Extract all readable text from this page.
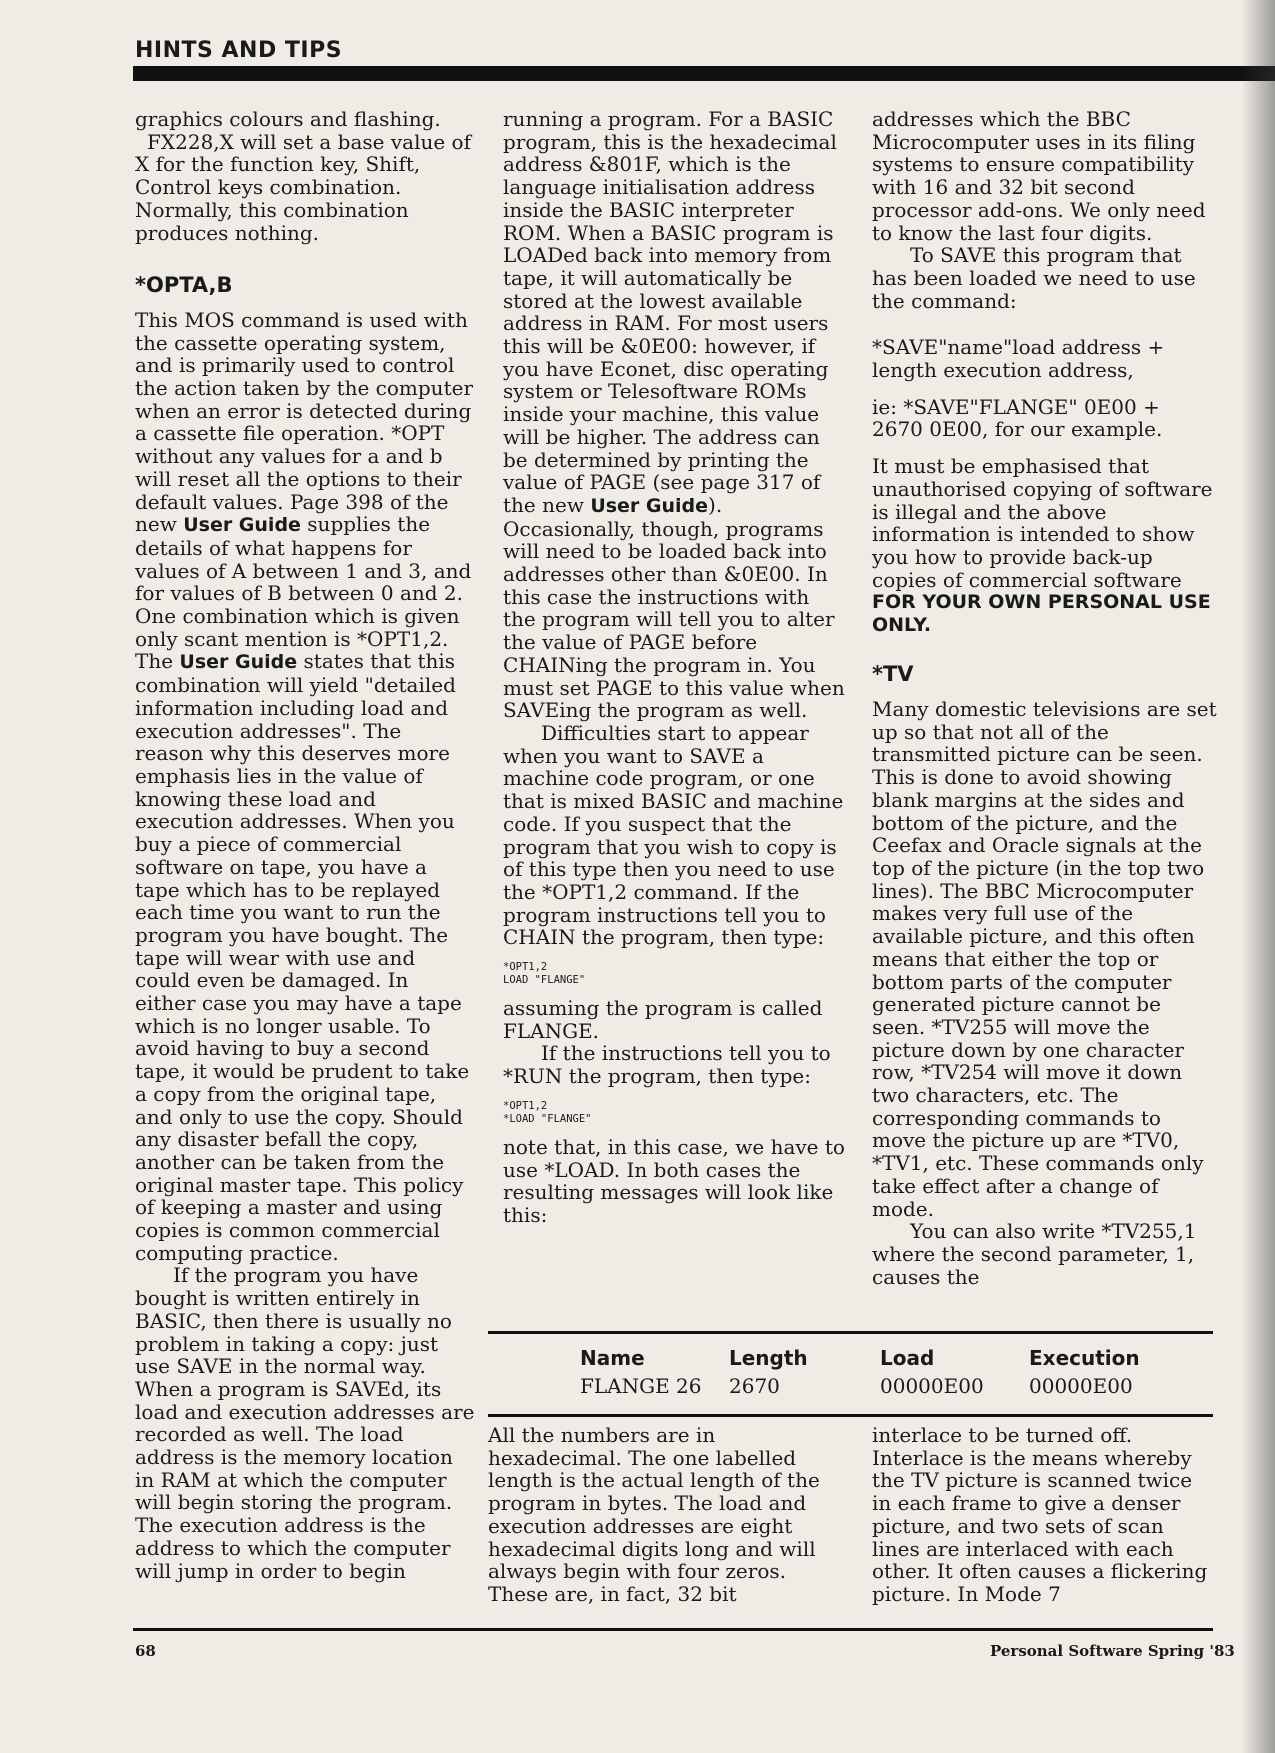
HINTS AND TIPS

graphics colours and flashing.

FX228,X will set a base value of X for the function key, Shift, Control keys combination. Normally, this combination produces nothing.

*OPTA,B

This MOS command is used with the cassette operating system, and is primarily used to control the action taken by the computer when an error is detected during a cassette file operation. *OPT without any values for a and b will reset all the options to their default values. Page 398 of the new User Guide supplies the details of what happens for values of A between 1 and 3, and for values of B between 0 and 2. One combination which is given only scant mention is *OPT1,2. The User Guide states that this combination will yield "detailed information including load and execution addresses". The reason why this deserves more emphasis lies in the value of knowing these load and execution addresses. When you buy a piece of commercial software on tape, you have a tape which has to be replayed each time you want to run the program you have bought. The tape will wear with use and could even be damaged. In either case you may have a tape which is no longer usable. To avoid having to buy a second tape, it would be prudent to take a copy from the original tape, and only to use the copy. Should any disaster befall the copy, another can be taken from the original master tape. This policy of keeping a master and using copies is common commercial computing practice.

If the program you have bought is written entirely in BASIC, then there is usually no problem in taking a copy: just use SAVE in the normal way. When a program is SAVEd, its load and execution addresses are recorded as well. The load address is the memory location in RAM at which the computer will begin storing the program. The execution address is the address to which the computer will jump in order to begin

running a program. For a BASIC program, this is the hexadecimal address &801F, which is the language initialisation address inside the BASIC interpreter ROM. When a BASIC program is LOADed back into memory from tape, it will automatically be stored at the lowest available address in RAM. For most users this will be &0E00: however, if you have Econet, disc operating system or Telesoftware ROMs inside your machine, this value will be higher. The address can be determined by printing the value of PAGE (see page 317 of the new User Guide). Occasionally, though, programs will need to be loaded back into addresses other than &0E00. In this case the instructions with the program will tell you to alter the value of PAGE before CHAINing the program in. You must set PAGE to this value when SAVEing the program as well.

Difficulties start to appear when you want to SAVE a machine code program, or one that is mixed BASIC and machine code. If you suspect that the program that you wish to copy is of this type then you need to use the *OPT1,2 command. If the program instructions tell you to CHAIN the program, then type:

*OPT1,2
LOAD "FLANGE"

assuming the program is called FLANGE.

If the instructions tell you to *RUN the program, then type:

*OPT1,2
*LOAD "FLANGE"

note that, in this case, we have to use *LOAD. In both cases the resulting messages will look like this:

addresses which the BBC Microcomputer uses in its filing systems to ensure compatibility with 16 and 32 bit second processor add-ons. We only need to know the last four digits.

To SAVE this program that has been loaded we need to use the command:

*SAVE"name"load address + length execution address,

ie: *SAVE"FLANGE" 0E00 + 2670 0E00, for our example.

It must be emphasised that unauthorised copying of software is illegal and the above information is intended to show you how to provide back-up copies of commercial software

FOR YOUR OWN PERSONAL USE ONLY.

*TV

Many domestic televisions are set up so that not all of the transmitted picture can be seen. This is done to avoid showing blank margins at the sides and bottom of the picture, and the Ceefax and Oracle signals at the top of the picture (in the top two lines). The BBC Microcomputer makes very full use of the available picture, and this often means that either the top or bottom parts of the computer generated picture cannot be seen. *TV255 will move the picture down by one character row, *TV254 will move it down two characters, etc. The corresponding commands to move the picture up are *TV0, *TV1, etc. These commands only take effect after a change of mode.

You can also write *TV255,1 where the second parameter, 1, causes the

Name
FLANGE 26
Length
2670
Load
00000E00
Execution
00000E00

All the numbers are in hexadecimal. The one labelled length is the actual length of the program in bytes. The load and execution addresses are eight hexadecimal digits long and will always begin with four zeros. These are, in fact, 32 bit

interlace to be turned off. Interlace is the means whereby the TV picture is scanned twice in each frame to give a denser picture, and two sets of scan lines are interlaced with each other. It often causes a flickering picture. In Mode 7

68	Personal Software Spring '83
